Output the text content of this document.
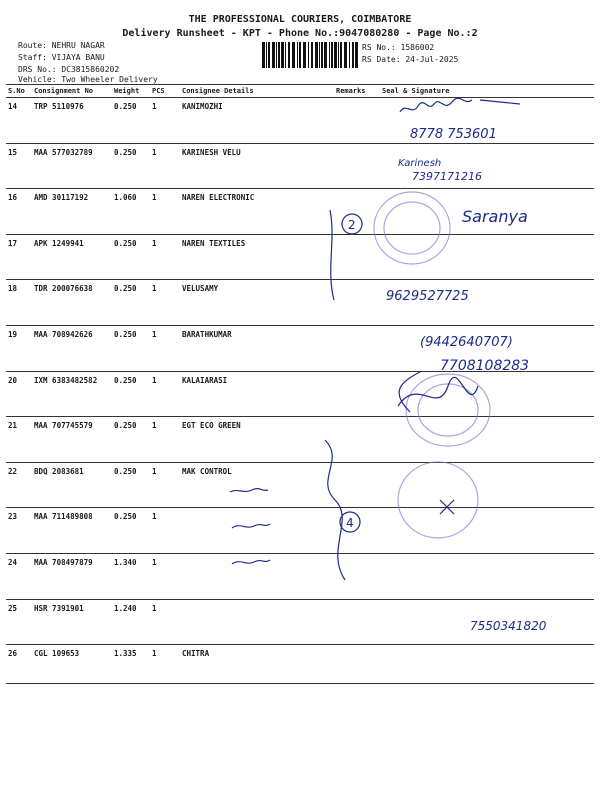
THE PROFESSIONAL COURIERS, COIMBATORE
Delivery Runsheet - KPT - Phone No.:9047080280 - Page No.:2
Route: NEHRU NAGAR
Staff: VIJAYA BANU
DRS No.: DC3815860202
Vehicle: Two Wheeler Delivery
RS No.: 1586002
RS Date: 24-Jul-2025
S.No	Consignment No	Weight	PCS	Consignee Details	Remarks	Seal & Signature
14	TRP 5110976	0.250	1	KANIMOZHI		
15	MAA 577032789	0.250	1	KARINESH VELU		
16	AMD 30117192	1.060	1	NAREN ELECTRONIC		
17	APK 1249941	0.250	1	NAREN TEXTILES		
18	TDR 200076638	0.250	1	VELUSAMY		
19	MAA 708942626	0.250	1	BARATHKUMAR		
20	IXM 6383482582	0.250	1	KALAIARASI		
21	MAA 707745579	0.250	1	EGT ECO GREEN		
22	BDQ 2083681	0.250	1	MAK CONTROL		
23	MAA 711489808	0.250	1			
24	MAA 708497879	1.340	1			
25	HSR 7391901	1.240	1			
26	CGL 109653	1.335	1	CHITRA		
8778 753601
Karinesh
7397171216
Saranya
9629527725
(9442640707)
7708108283
7550341820
2
4
